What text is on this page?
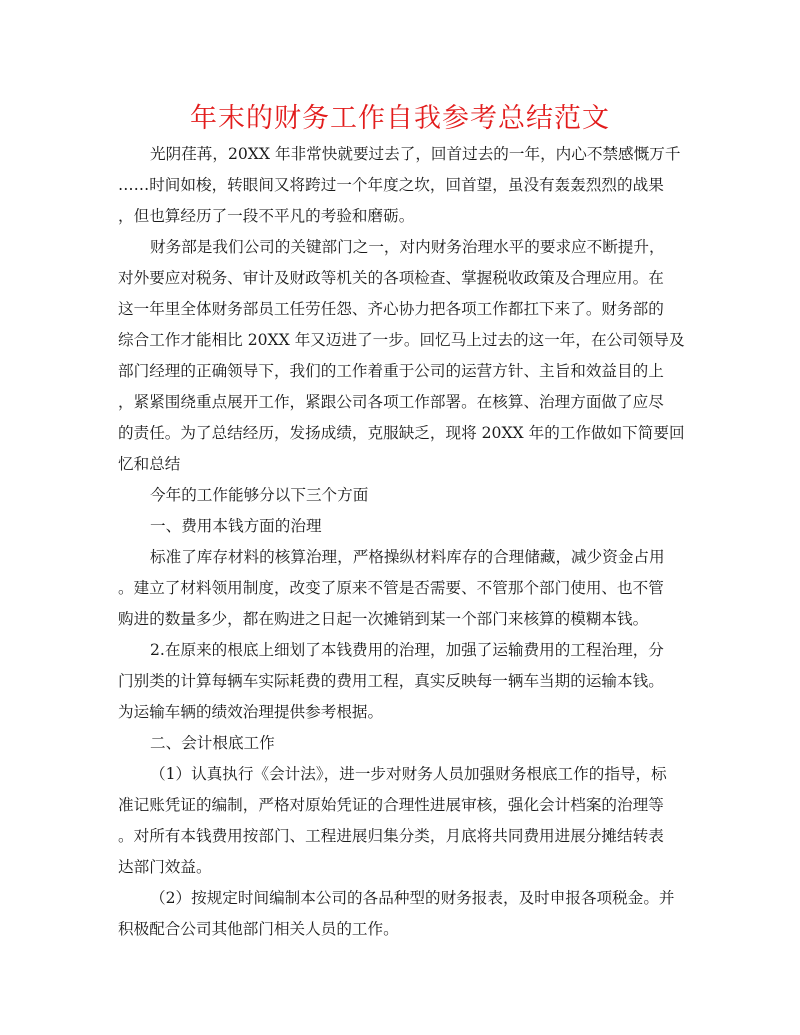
年末的财务工作自我参考总结范文

光阴荏苒，20XX 年非常快就要过去了，回首过去的一年，内心不禁感慨万千

……时间如梭，转眼间又将跨过一个年度之坎，回首望，虽没有轰轰烈烈的战果

，但也算经历了一段不平凡的考验和磨砺。

财务部是我们公司的关键部门之一，对内财务治理水平的要求应不断提升，

对外要应对税务、审计及财政等机关的各项检查、掌握税收政策及合理应用。在

这一年里全体财务部员工任劳任怨、齐心协力把各项工作都扛下来了。财务部的

综合工作才能相比 20XX 年又迈进了一步。回忆马上过去的这一年，在公司领导及

部门经理的正确领导下，我们的工作着重于公司的运营方针、主旨和效益目的上

，紧紧围绕重点展开工作，紧跟公司各项工作部署。在核算、治理方面做了应尽

的责任。为了总结经历，发扬成绩，克服缺乏，现将 20XX 年的工作做如下简要回

忆和总结

今年的工作能够分以下三个方面

一、费用本钱方面的治理

标准了库存材料的核算治理，严格操纵材料库存的合理储藏，减少资金占用

。建立了材料领用制度，改变了原来不管是否需要、不管那个部门使用、也不管

购进的数量多少，都在购进之日起一次摊销到某一个部门来核算的模糊本钱。

2.在原来的根底上细划了本钱费用的治理，加强了运输费用的工程治理，分

门别类的计算每辆车实际耗费的费用工程，真实反映每一辆车当期的运输本钱。

为运输车辆的绩效治理提供参考根据。

二、会计根底工作

（1）认真执行《会计法》，进一步对财务人员加强财务根底工作的指导，标

准记账凭证的编制，严格对原始凭证的合理性进展审核，强化会计档案的治理等

。对所有本钱费用按部门、工程进展归集分类，月底将共同费用进展分摊结转表

达部门效益。

（2）按规定时间编制本公司的各品种型的财务报表，及时申报各项税金。并

积极配合公司其他部门相关人员的工作。
